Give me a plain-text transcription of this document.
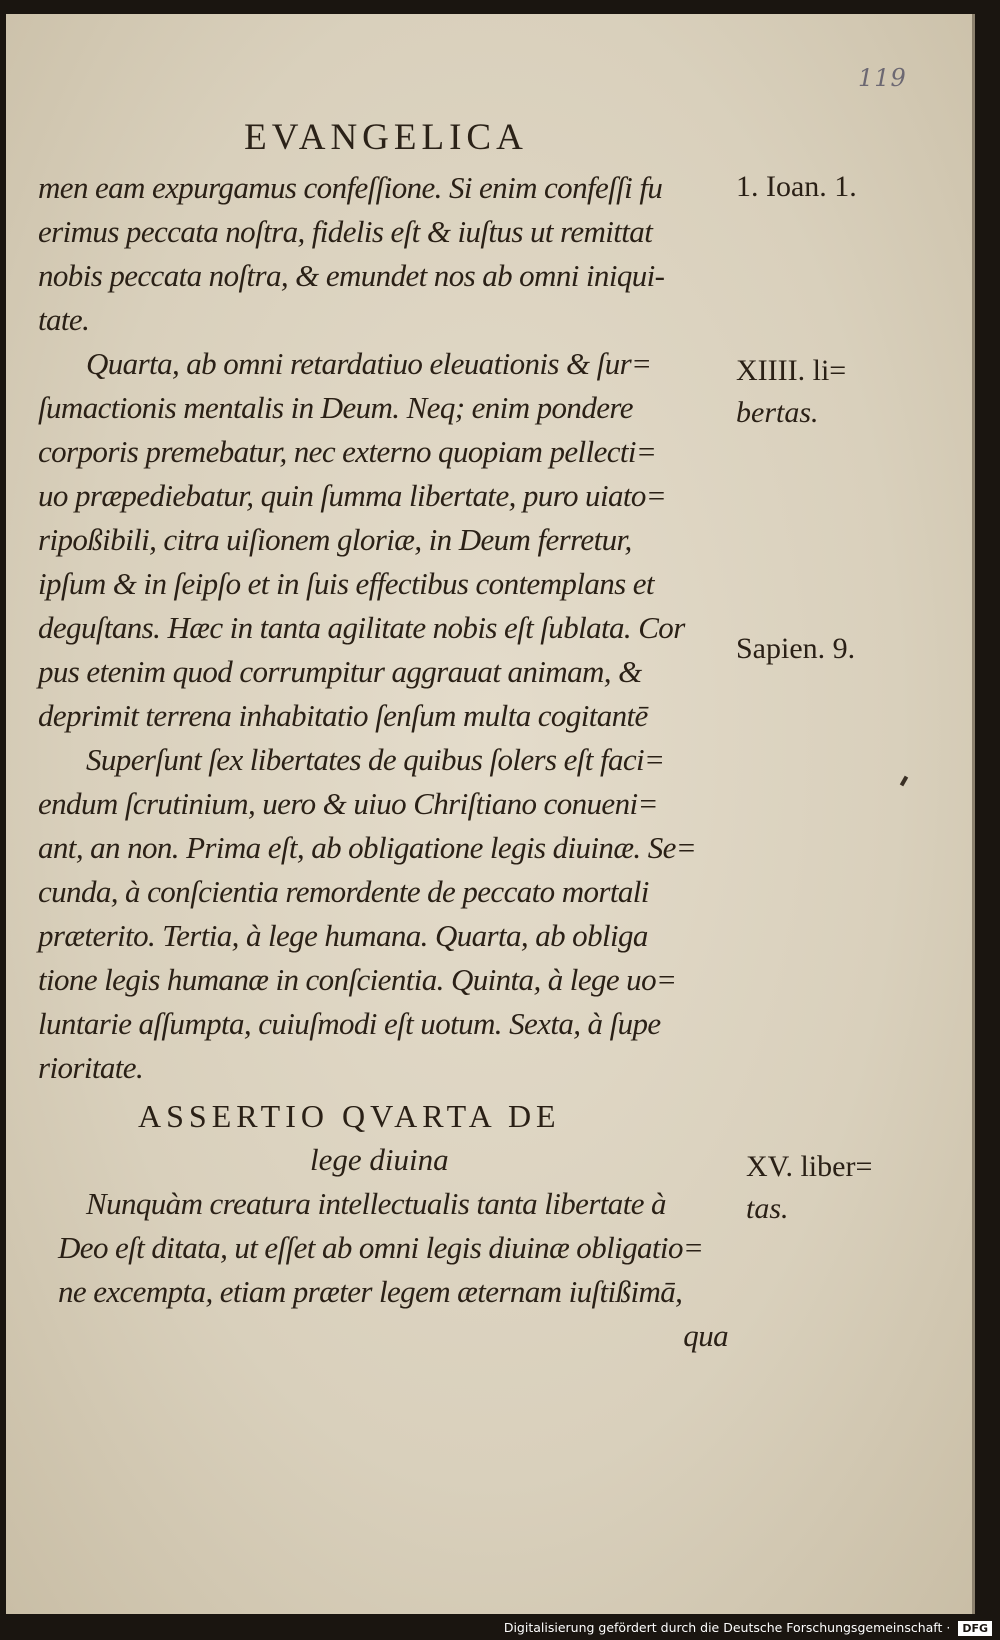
119
EVANGELICA
men eam expurgamus confeſſione. Si enim confeſſi fu
erimus peccata noſtra, fidelis eſt & iuſtus ut remittat
nobis peccata noſtra, & emundet nos ab omni iniqui-
tate.
Quarta, ab omni retardatiuo eleuationis & ſur=
ſumactionis mentalis in Deum. Neq; enim pondere
corporis premebatur, nec externo quopiam pellecti=
uo præpediebatur, quin ſumma libertate, puro uiato=
ripoßibili, citra uiſionem gloriæ, in Deum ferretur,
ipſum & in ſeipſo et in ſuis effectibus contemplans et
deguſtans. Hæc in tanta agilitate nobis eſt ſublata. Cor
pus etenim quod corrumpitur aggrauat animam, &
deprimit terrena inhabitatio ſenſum multa cogitantē
Superſunt ſex libertates de quibus ſolers eſt faci=
endum ſcrutinium, uero & uiuo Chriſtiano conueni=
ant, an non. Prima eſt, ab obligatione legis diuinæ. Se=
cunda, à conſcientia remordente de peccato mortali
præterito. Tertia, à lege humana. Quarta, ab obliga
tione legis humanæ in conſcientia. Quinta, à lege uo=
luntarie aſſumpta, cuiuſmodi eſt uotum. Sexta, à ſupe
rioritate.
ASSERTIO QVARTA DE
lege diuina
Nunquàm creatura intellectualis tanta libertate à
Deo eſt ditata, ut eſſet ab omni legis diuinæ obligatio=
ne excempta, etiam præter legem æternam iuſtißimā,
qua
1. Ioan. 1.
XIIII. li=
bertas.
Sapien. 9.
XV. liber=
tas.
Digitalisierung gefördert durch die Deutsche Forschungsgemeinschaft · DFG
